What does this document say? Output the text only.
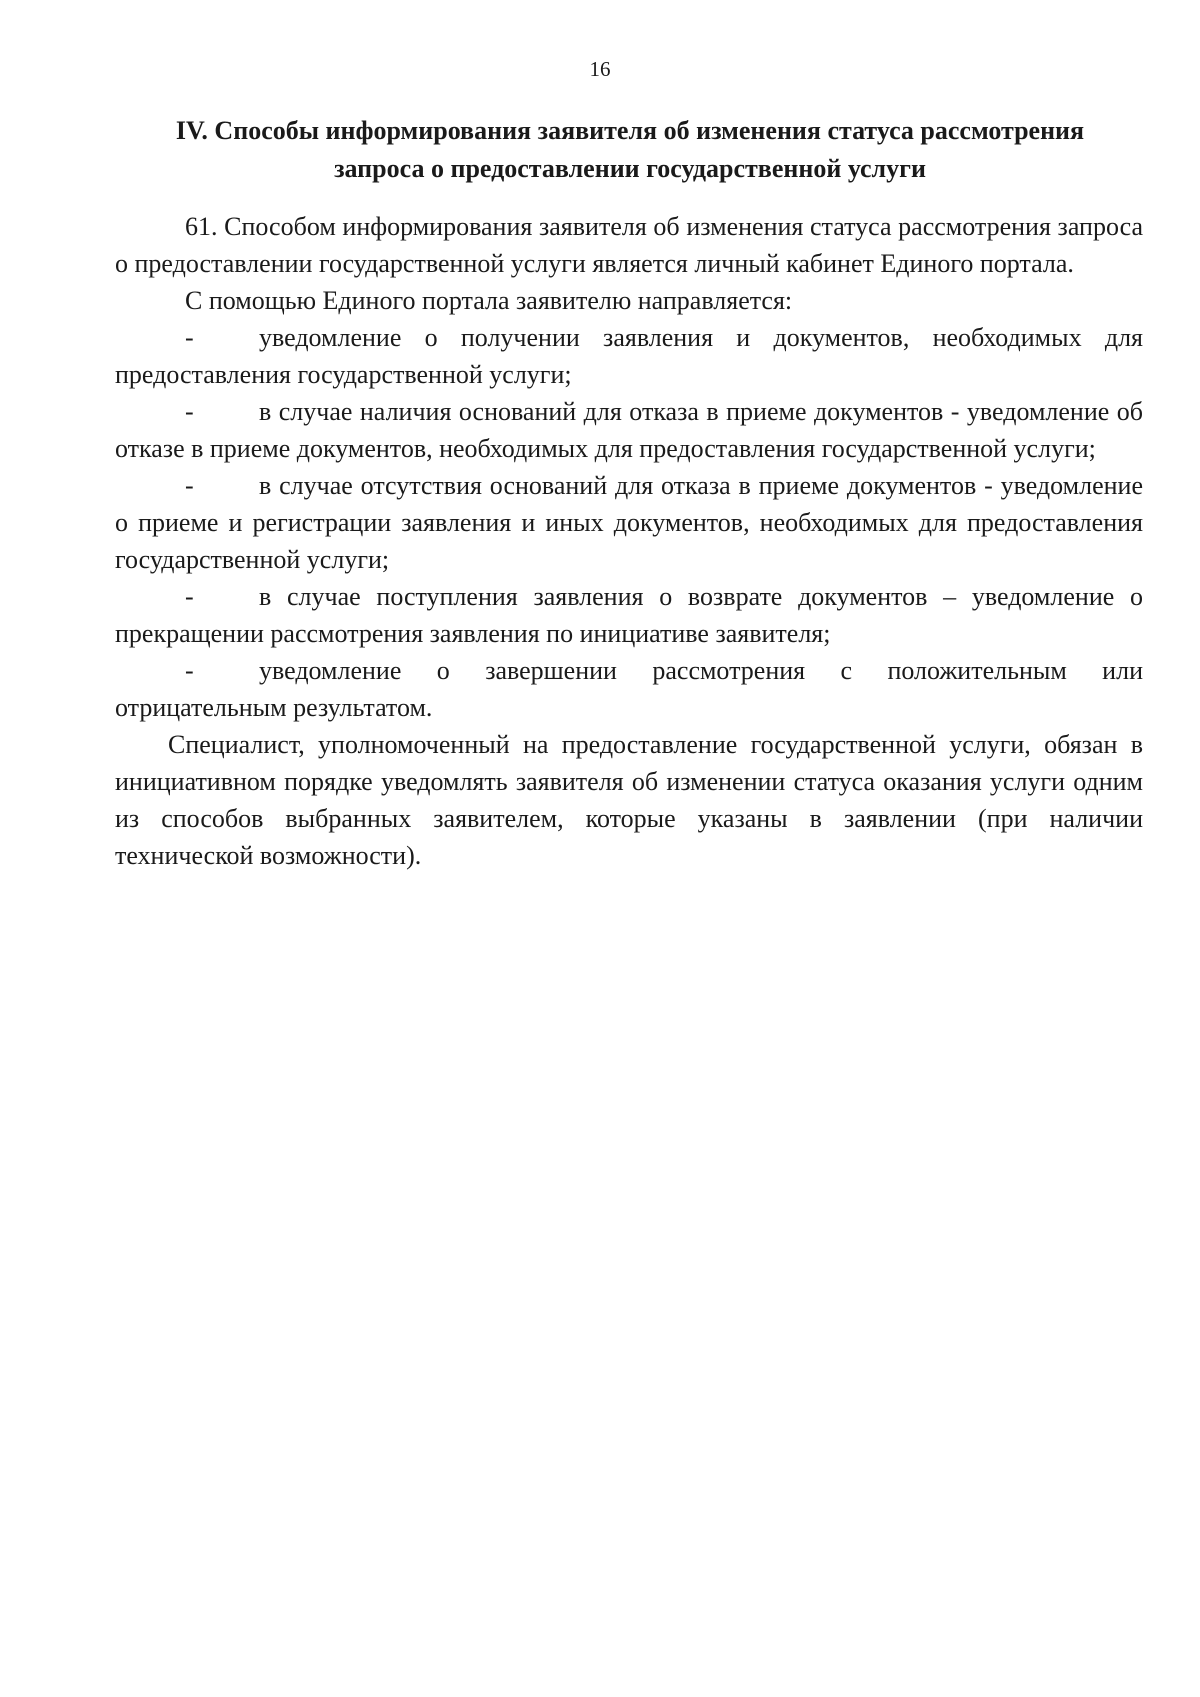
16
IV. Способы информирования заявителя об изменения статуса рассмотрения
запроса о предоставлении государственной услуги

61. Способом информирования заявителя об изменения статуса рассмотрения запроса о предоставлении государственной услуги является личный кабинет Единого портала.

С помощью Единого портала заявителю направляется:

-	уведомление о получении заявления и документов, необходимых для предоставления государственной услуги;

-	в случае наличия оснований для отказа в приеме документов - уведомление об отказе в приеме документов, необходимых для предоставления государственной услуги;

-	в случае отсутствия оснований для отказа в приеме документов - уведомление о приеме и регистрации заявления и иных документов, необходимых для предоставления государственной услуги;

-	в случае поступления заявления о возврате документов – уведомление о прекращении рассмотрения заявления по инициативе заявителя;

-	уведомление о завершении рассмотрения с положительным или отрицательным результатом.

Специалист, уполномоченный на предоставление государственной услуги, обязан в инициативном порядке уведомлять заявителя об изменении статуса оказания услуги одним из способов выбранных заявителем, которые указаны в заявлении (при наличии технической возможности).
